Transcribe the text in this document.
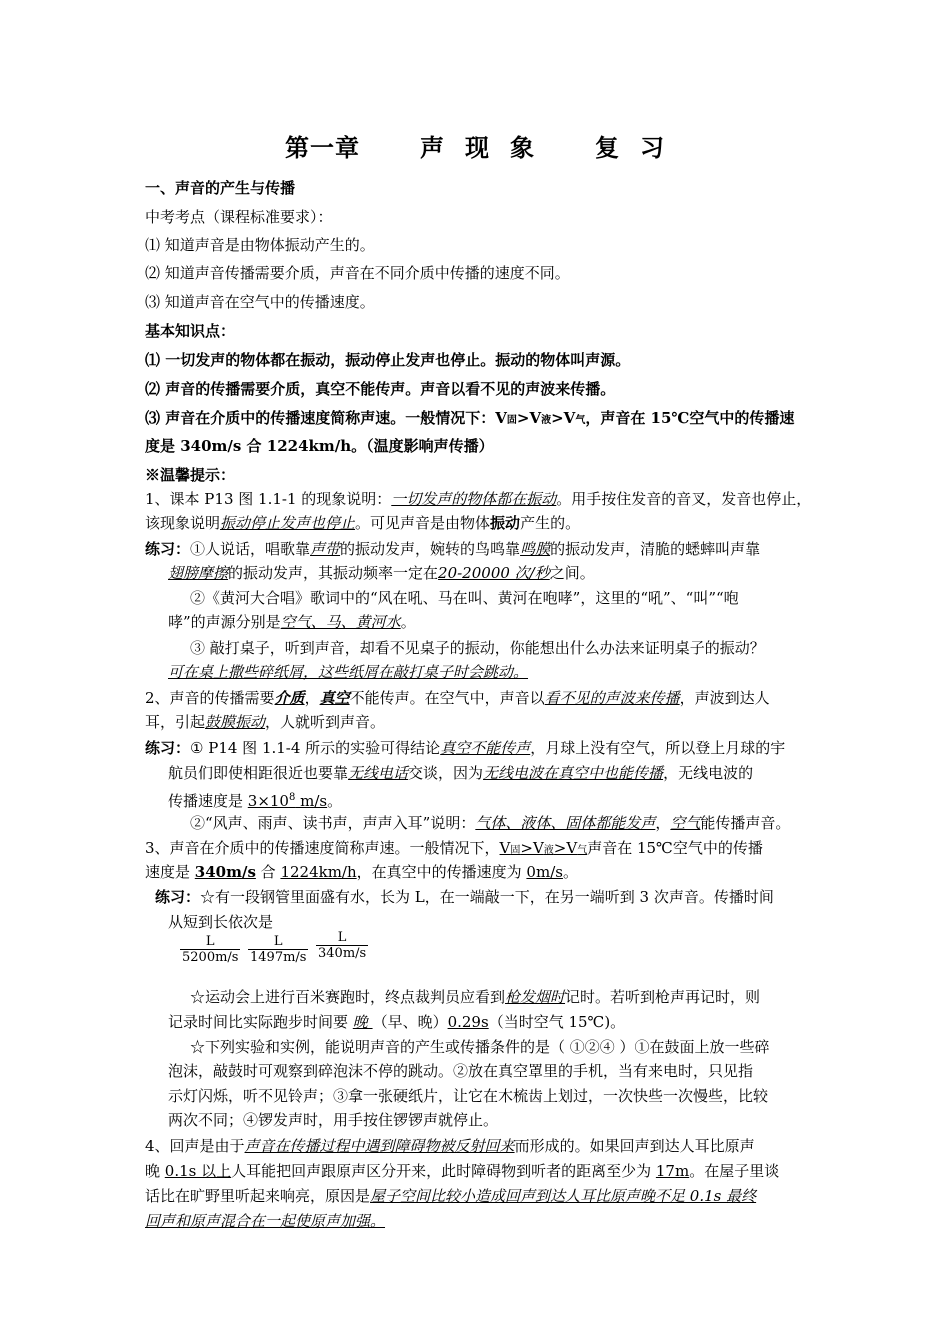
第一章	声 现 象	复 习
一、声音的产生与传播
中考考点（课程标准要求）：
⑴ 知道声音是由物体振动产生的。
⑵ 知道声音传播需要介质，声音在不同介质中传播的速度不同。
⑶ 知道声音在空气中的传播速度。
基本知识点：
⑴ 一切发声的物体都在振动，振动停止发声也停止。振动的物体叫声源。
⑵ 声音的传播需要介质，真空不能传声。声音以看不见的声波来传播。
⑶ 声音在介质中的传播速度简称声速。一般情况下：V固>V液>V气，声音在 15℃空气中的传播速
度是 340m/s 合 1224km/h。（温度影响声传播）
※温馨提示：
1、课本 P13 图 1.1-1 的现象说明：一切发声的物体都在振动。用手按住发音的音叉，发音也停止，
该现象说明振动停止发声也停止。可见声音是由物体振动产生的。
练习：①人说话，唱歌靠声带的振动发声，婉转的鸟鸣靠鸣膜的振动发声，清脆的蟋蟀叫声靠
翅膀摩擦的振动发声，其振动频率一定在20-20000 次/秒之间。
②《黄河大合唱》歌词中的“风在吼、马在叫、黄河在咆哮”，这里的“吼”、“叫”“咆
哮”的声源分别是空气、马、黄河水。
③ 敲打桌子，听到声音，却看不见桌子的振动，你能想出什么办法来证明桌子的振动？
可在桌上撒些碎纸屑，这些纸屑在敲打桌子时会跳动。
2、声音的传播需要介质，真空不能传声。在空气中，声音以看不见的声波来传播，声波到达人
耳，引起鼓膜振动，人就听到声音。
练习：① P14 图 1.1-4 所示的实验可得结论真空不能传声，月球上没有空气，所以登上月球的宇
航员们即使相距很近也要靠无线电话交谈，因为无线电波在真空中也能传播，无线电波的
传播速度是 $3\times 10^8$ m/s。
②“风声、雨声、读书声，声声入耳”说明：气体、液体、固体都能发声，空气能传播声音。
3、声音在介质中的传播速度简称声速。一般情况下，V固>V液>V气声音在 15℃空气中的传播
速度是 340m/s 合 1224km/h，在真空中的传播速度为 0m/s。
练习：☆有一段钢管里面盛有水，长为 L，在一端敲一下，在另一端听到 3 次声音。传播时间
从短到长依次是
$\frac{L}{5200m/s} \frac{L}{1497m/s} \frac{L}{340m/s}$
☆运动会上进行百米赛跑时，终点裁判员应看到枪发烟时记时。若听到枪声再记时，则
记录时间比实际跑步时间要 晚 （早、晚）0.29s（当时空气 15℃)。
☆下列实验和实例，能说明声音的产生或传播条件的是（ ①②④ ）①在鼓面上放一些碎
泡沫，敲鼓时可观察到碎泡沫不停的跳动。②放在真空罩里的手机，当有来电时，只见指
示灯闪烁，听不见铃声；③拿一张硬纸片，让它在木梳齿上划过，一次快些一次慢些，比较
两次不同；④锣发声时，用手按住锣锣声就停止。
4、回声是由于声音在传播过程中遇到障碍物被反射回来而形成的。如果回声到达人耳比原声
晚 0.1s 以上人耳能把回声跟原声区分开来，此时障碍物到听者的距离至少为 17m。在屋子里谈
话比在旷野里听起来响亮，原因是屋子空间比较小造成回声到达人耳比原声晚不足 0.1s 最终
回声和原声混合在一起使原声加强。
